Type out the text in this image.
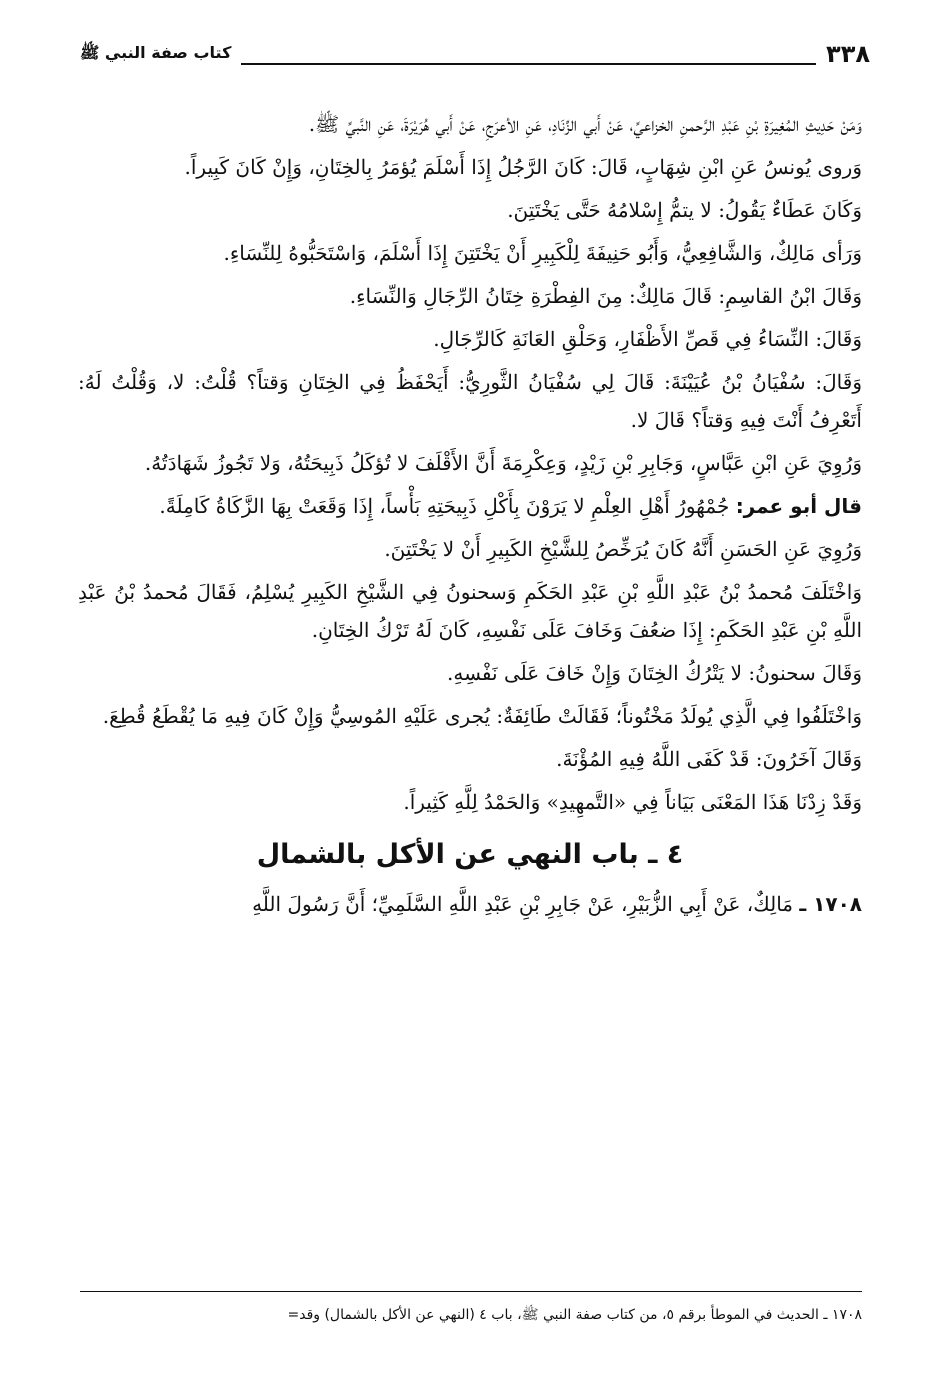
٣٣٨
كتاب صفة النبي ﷺ

وَمَنْ حَدِيثِ المُغِيرَةِ بْنِ عَبْدِ الرَّحمنِ الخزاعيِّ، عَنْ أَبي الزِّنَادِ، عَنِ الأعرَجِ، عَنْ أَبي هُرَيْرَةَ، عَنِ النَّبيِّ ﷺ.

وَروى يُونسُ عَنِ ابْنِ شِهَابٍ، قَالَ: كَانَ الرَّجُلُ إِذَا أَسْلَمَ يُؤمَرُ بِالخِتَانِ، وَإِنْ كَانَ كَبِيراً.

وَكَانَ عَطَاءٌ يَقُولُ: لا يتمُّ إِسْلامُهُ حَتَّى يَخْتَتِنَ.

وَرَأى مَالِكٌ، وَالشَّافِعِيُّ، وَأَبُو حَنِيفَةَ لِلْكَبِيرِ أَنْ يَخْتَتِنَ إِذَا أَسْلَمَ، وَاسْتَحَبُّوهُ لِلنِّسَاءِ.

وَقَالَ ابْنُ القاسِمِ: قَالَ مَالِكٌ: مِنَ الفِطْرَةِ خِتَانُ الرِّجَالِ وَالنِّسَاءِ.

وَقَالَ: النِّسَاءُ فِي قَصِّ الأَظْفَارِ، وَحَلْقِ العَانَةِ كَالرِّجَالِ.

وَقَالَ: سُفْيَانُ بْنُ عُيَيْنَةَ: قَالَ لِي سُفْيَانُ الثَّورِيُّ: أَيَحْفَظُ فِي الخِتَانِ وَقتاً؟ قُلْتُ: لا، وَقُلْتُ لَهُ: أَتَعْرِفُ أَنْتَ فِيهِ وَقتاً؟ قَالَ لا.

وَرُوِيَ عَنِ ابْنِ عَبَّاسٍ، وَجَابِرِ بْنِ زَيْدٍ، وَعِكْرِمَةَ أَنَّ الأَقْلَفَ لا تُؤكَلُ ذَبِيحَتُهُ، وَلا تَجُوزُ شَهَادَتُهُ.

قال أبو عمر: جُمْهُورُ أَهْلِ العِلْمِ لا يَرَوْنَ بِأَكْلِ ذَبِيحَتِهِ بَأْساً، إِذَا وَقَعَتْ بِهَا الزَّكَاةُ كَامِلَةً.

وَرُوِيَ عَنِ الحَسَنِ أَنَّهُ كَانَ يُرَخِّصُ لِلشَّيْخِ الكَبِيرِ أَنْ لا يَخْتَتِنَ.

وَاخْتَلَفَ مُحمدُ بْنُ عَبْدِ اللَّهِ بْنِ عَبْدِ الحَكَمِ وَسحنونُ فِي الشَّيْخِ الكَبِيرِ يُسْلِمُ، فَقَالَ مُحمدُ بْنُ عَبْدِ اللَّهِ بْنِ عَبْدِ الحَكَمِ: إِذَا ضعُفَ وَخَافَ عَلَى نَفْسِهِ، كَانَ لَهُ تَرْكُ الخِتَانِ.

وَقَالَ سحنونُ: لا يَتْرُكُ الخِتَانَ وَإِنْ خَافَ عَلَى نَفْسِهِ.

وَاخْتَلَفُوا فِي الَّذِي يُولَدُ مَخْتُوناً؛ فَقَالَتْ طَائِفَةٌ: يُجرى عَلَيْهِ المُوسِيُّ وَإِنْ كَانَ فِيهِ مَا يُقْطَعُ قُطِعَ.

وَقَالَ آخَرُونَ: قَدْ كَفَى اللَّهُ فِيهِ المُؤْنَةَ.

وَقَدْ زِدْنَا هَذَا المَعْنَى بَيَاناً فِي «التَّمهِيدِ» وَالحَمْدُ لِلَّهِ كَثِيراً.

٤ ـ باب النهي عن الأكل بالشمال

١٧٠٨ ـ مَالِكٌ، عَنْ أَبِي الزُّبَيْرِ، عَنْ جَابِرِ بْنِ عَبْدِ اللَّهِ السَّلَمِيِّ؛ أَنَّ رَسُولَ اللَّهِ

١٧٠٨ ـ الحديث في الموطأ برقم ٥، من كتاب صفة النبي ﷺ، باب ٤ (النهي عن الأكل بالشمال) وقد=
